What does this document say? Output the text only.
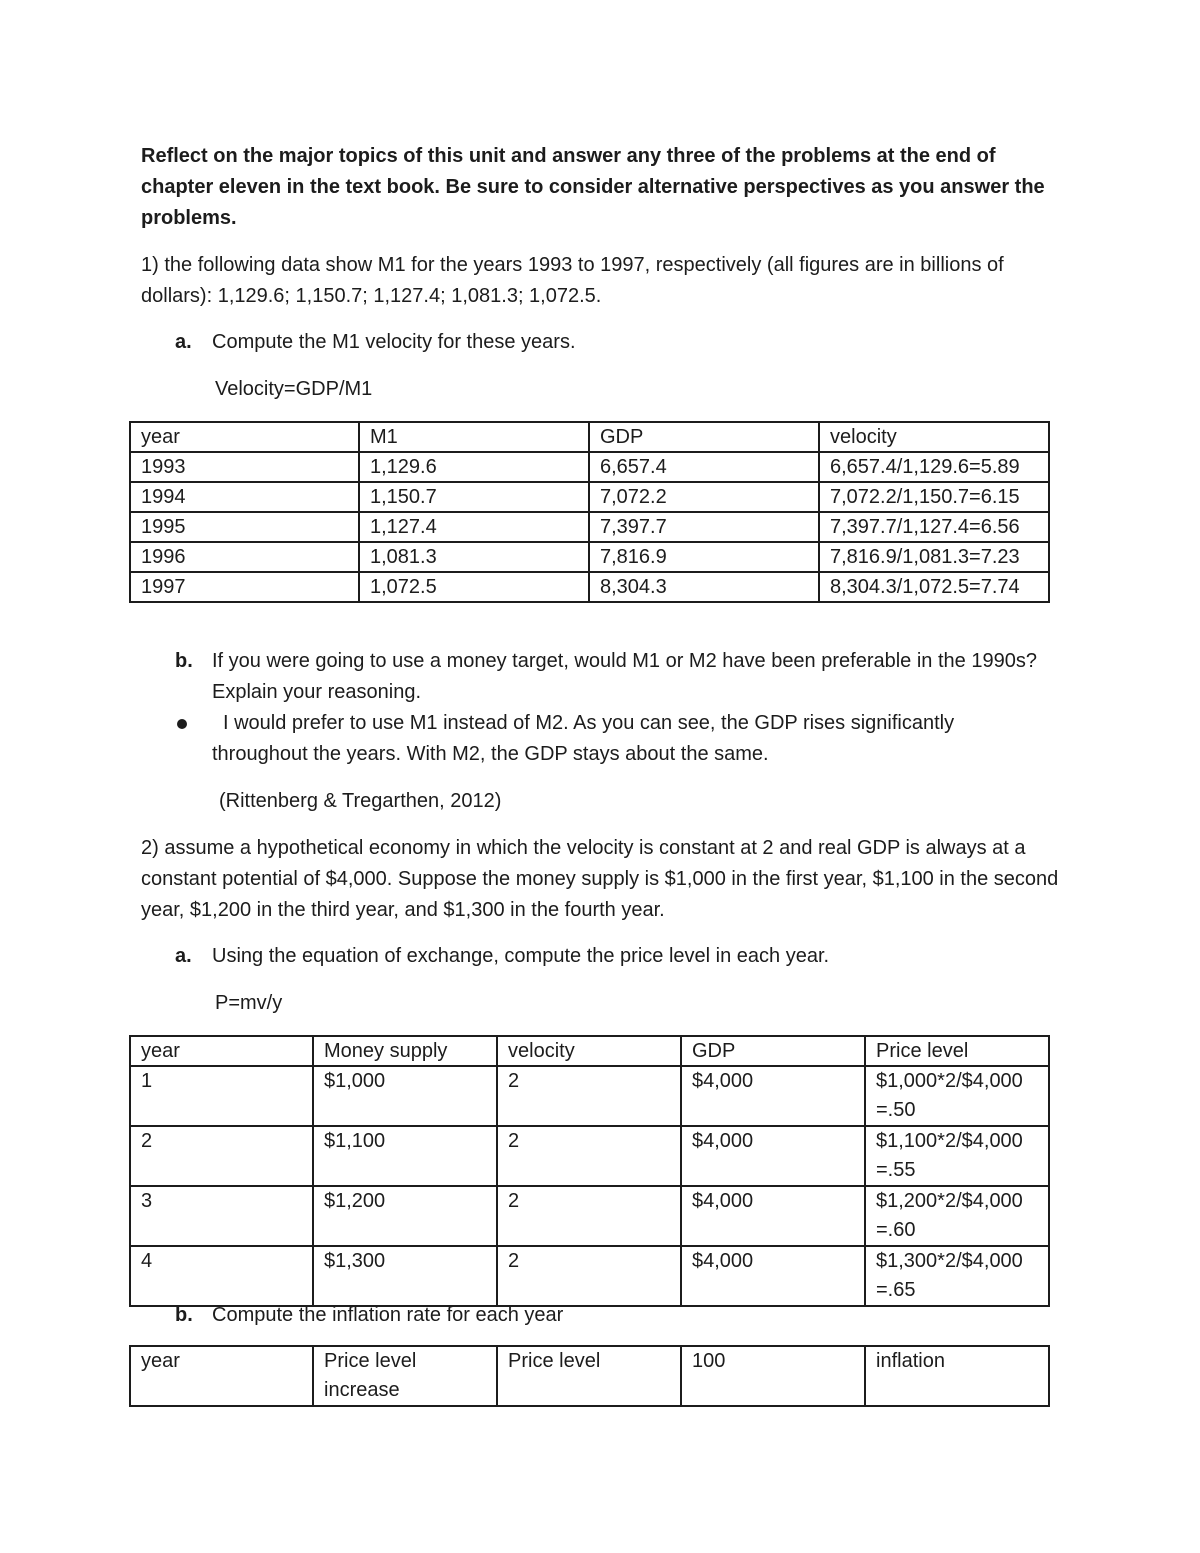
Reflect on the major topics of this unit and answer any three of the problems at the end of chapter eleven in the text book. Be sure to consider alternative perspectives as you answer the problems.

1) the following data show M1 for the years 1993 to 1997, respectively (all figures are in billions of dollars): 1,129.6; 1,150.7; 1,127.4; 1,081.3; 1,072.5.

a. Compute the M1 velocity for these years.

Velocity=GDP/M1

year	M1	GDP	velocity
1993	1,129.6	6,657.4	6,657.4/1,129.6=5.89
1994	1,150.7	7,072.2	7,072.2/1,150.7=6.15
1995	1,127.4	7,397.7	7,397.7/1,127.4=6.56
1996	1,081.3	7,816.9	7,816.9/1,081.3=7.23
1997	1,072.5	8,304.3	8,304.3/1,072.5=7.74
b. If you were going to use a money target, would M1 or M2 have been preferable in the 1990s? Explain your reasoning.
I would prefer to use M1 instead of M2. As you can see, the GDP rises significantly throughout the years. With M2, the GDP stays about the same.

(Rittenberg & Tregarthen, 2012)

2) assume a hypothetical economy in which the velocity is constant at 2 and real GDP is always at a constant potential of $4,000. Suppose the money supply is $1,000 in the first year, $1,100 in the second year, $1,200 in the third year, and $1,300 in the fourth year.

a. Using the equation of exchange, compute the price level in each year.

P=mv/y

year	Money supply	velocity	GDP	Price level
1	$1,000	2	$4,000	$1,000*2/$4,000=.50
2	$1,100	2	$4,000	$1,100*2/$4,000=.55
3	$1,200	2	$4,000	$1,200*2/$4,000=.60
4	$1,300	2	$4,000	$1,300*2/$4,000=.65
b. Compute the inflation rate for each year
year	Price level increase	Price level	100	inflation
